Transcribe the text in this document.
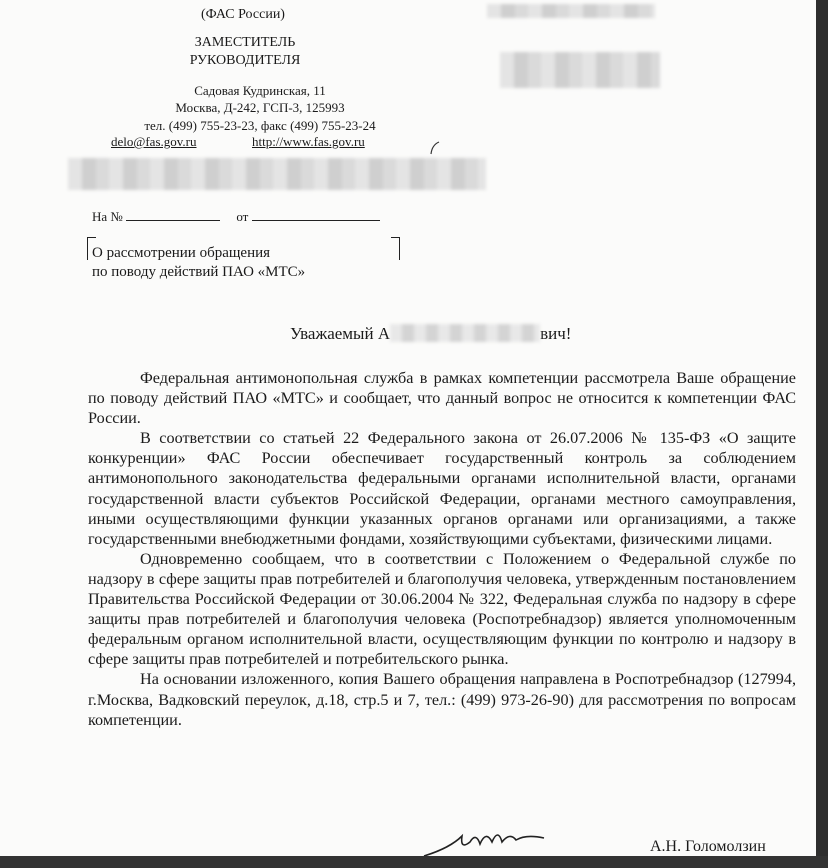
(ФАС России)
ЗАМЕСТИТЕЛЬ
РУКОВОДИТЕЛЯ
Садовая Кудринская, 11
Москва, Д-242, ГСП-3, 125993
тел. (499) 755-23-23, факс (499) 755-23-24
delo@fas.gov.ru	http://www.fas.gov.ru
На №	от
О рассмотрении обращения
по поводу действий ПАО «МТС»
Уважаемый А	вич!

Федеральная антимонопольная служба в рамках компетенции рассмотрела Ваше обращение по поводу действий ПАО «МТС» и сообщает, что данный вопрос не относится к компетенции ФАС России.

В соответствии со статьей 22 Федерального закона от 26.07.2006 № 135-ФЗ «О защите конкуренции» ФАС России обеспечивает государственный контроль за соблюдением антимонопольного законодательства федеральными органами исполнительной власти, органами государственной власти субъектов Российской Федерации, органами местного самоуправления, иными осуществляющими функции указанных органов органами или организациями, а также государственными внебюджетными фондами, хозяйствующими субъектами, физическими лицами.

Одновременно сообщаем, что в соответствии с Положением о Федеральной службе по надзору в сфере защиты прав потребителей и благополучия человека, утвержденным постановлением Правительства Российской Федерации от 30.06.2004 № 322, Федеральная служба по надзору в сфере защиты прав потребителей и благополучия человека (Роспотребнадзор) является уполномоченным федеральным органом исполнительной власти, осуществляющим функции по контролю и надзору в сфере защиты прав потребителей и потребительского рынка.

На основании изложенного, копия Вашего обращения направлена в Роспотребнадзор (127994, г.Москва, Вадковский переулок, д.18, стр.5 и 7, тел.: (499) 973-26-90) для рассмотрения по вопросам компетенции.

А.Н. Голомолзин
